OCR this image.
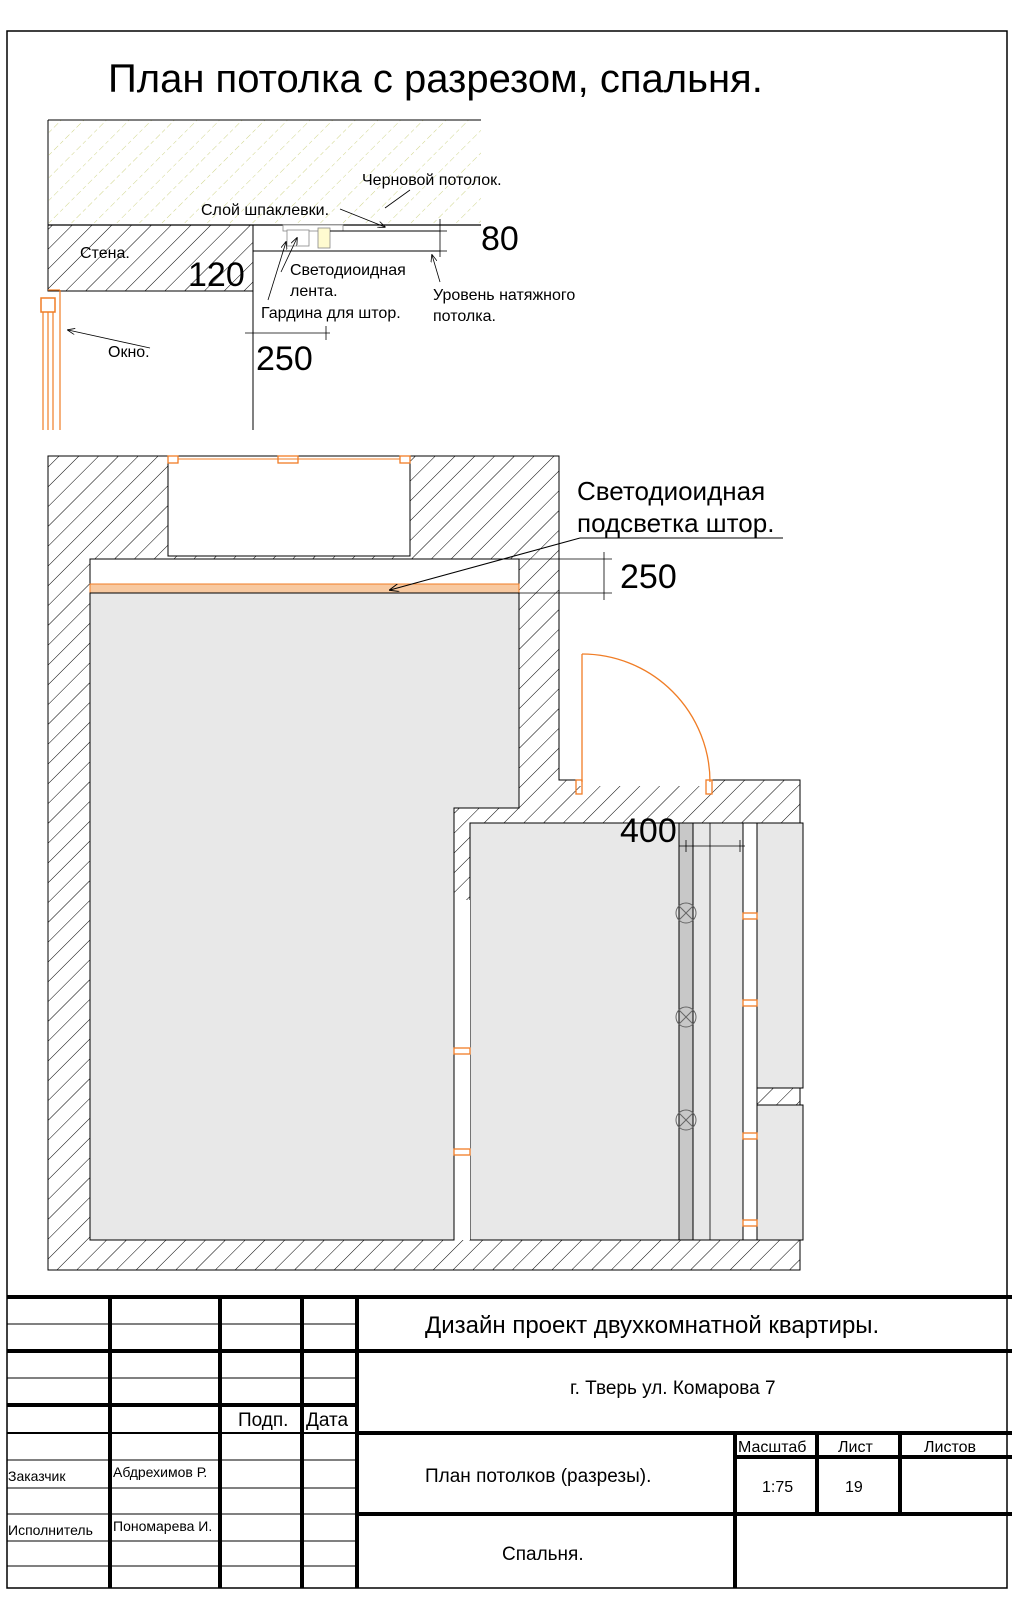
План потолка с разрезом, спальня.
Черновой потолок.
Слой шпаклевки.
Стена.	80
120	Светодиоидная
лента.
Гардина для штор.
Уровень натяжного
потолка.
250
Окно.
Светодиоидная
подсветка штор.
250
400
Дизайн проект двухкомнатной квартиры.
г. Тверь ул. Комарова 7
Подп. Дата
Заказчик	Абдрехимов Р.
Исполнитель Пономарева И.
План потолков (разрезы).
Масштаб Лист	Листов
1:75	19
Спальня.
